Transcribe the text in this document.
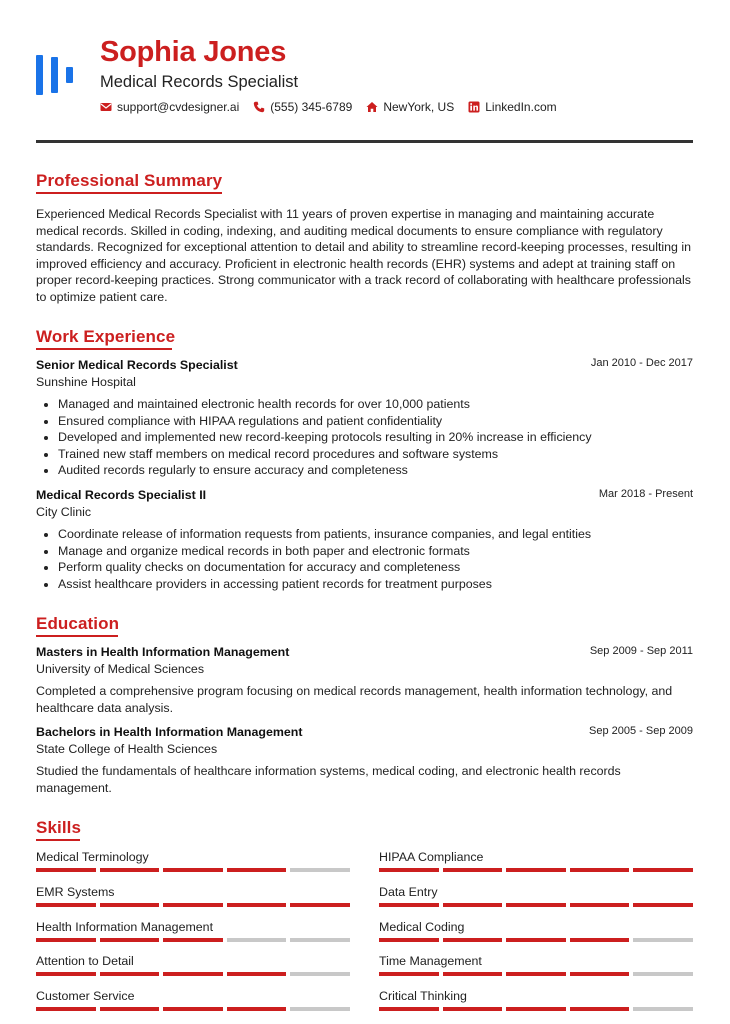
Sophia Jones
Medical Records Specialist
support@cvdesigner.ai	(555) 345-6789	NewYork, US	LinkedIn.com
Professional Summary
Experienced Medical Records Specialist with 11 years of proven expertise in managing and maintaining accurate medical records. Skilled in coding, indexing, and auditing medical documents to ensure compliance with regulatory standards. Recognized for exceptional attention to detail and ability to streamline record-keeping processes, resulting in improved efficiency and accuracy. Proficient in electronic health records (EHR) systems and adept at training staff on proper record-keeping practices. Strong communicator with a track record of collaborating with healthcare professionals to optimize patient care.
Work Experience
Senior Medical Records Specialist	Jan 2010 - Dec 2017
Sunshine Hospital
Managed and maintained electronic health records for over 10,000 patients
Ensured compliance with HIPAA regulations and patient confidentiality
Developed and implemented new record-keeping protocols resulting in 20% increase in efficiency
Trained new staff members on medical record procedures and software systems
Audited records regularly to ensure accuracy and completeness
Medical Records Specialist II	Mar 2018 - Present
City Clinic
Coordinate release of information requests from patients, insurance companies, and legal entities
Manage and organize medical records in both paper and electronic formats
Perform quality checks on documentation for accuracy and completeness
Assist healthcare providers in accessing patient records for treatment purposes
Education
Masters in Health Information Management	Sep 2009 - Sep 2011
University of Medical Sciences
Completed a comprehensive program focusing on medical records management, health information technology, and healthcare data analysis.
Bachelors in Health Information Management	Sep 2005 - Sep 2009
State College of Health Sciences
Studied the fundamentals of healthcare information systems, medical coding, and electronic health records management.
Skills
Medical Terminology	HIPAA Compliance
EMR Systems	Data Entry
Health Information Management	Medical Coding
Attention to Detail	Time Management
Customer Service	Critical Thinking
